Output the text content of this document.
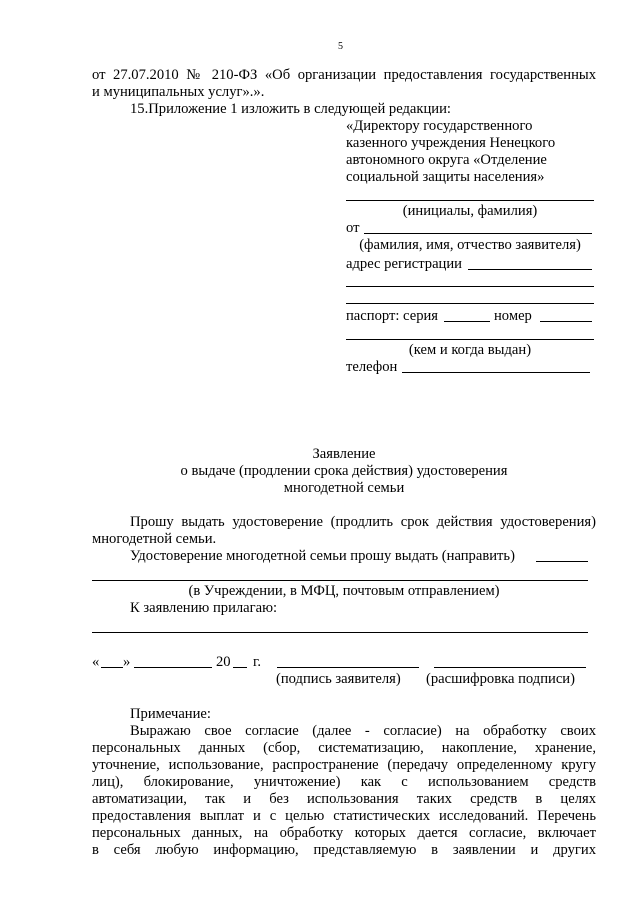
5
от 27.07.2010 № 210-ФЗ «Об организации предоставления государственных
и муниципальных услуг».».
15.Приложение 1 изложить в следующей редакции:
«Директору государственного
казенного учреждения Ненецкого
автономного округа «Отделение
социальной защиты населения»
(инициалы, фамилия)
от
(фамилия, имя, отчество заявителя)
адрес регистрации
паспорт: серия	номер
(кем и когда выдан)
телефон
Заявление
о выдаче (продлении срока действия) удостоверения
многодетной семьи
Прошу выдать удостоверение (продлить срок действия удостоверения)
многодетной семьи.
Удостоверение многодетной семьи прошу выдать (направить)
(в Учреждении, в МФЦ, почтовым отправлением)
К заявлению прилагаю:
« »	20 г.
(подпись заявителя) (расшифровка подписи)
Примечание:
Выражаю свое согласие (далее - согласие) на обработку своих
персональных данных (сбор, систематизацию, накопление, хранение,
уточнение, использование, распространение (передачу определенному кругу
лиц), блокирование, уничтожение) как с использованием средств
автоматизации, так и без использования таких средств в целях
предоставления выплат и с целью статистических исследований. Перечень
персональных данных, на обработку которых дается согласие, включает
в себя любую информацию, представляемую в заявлении и других
